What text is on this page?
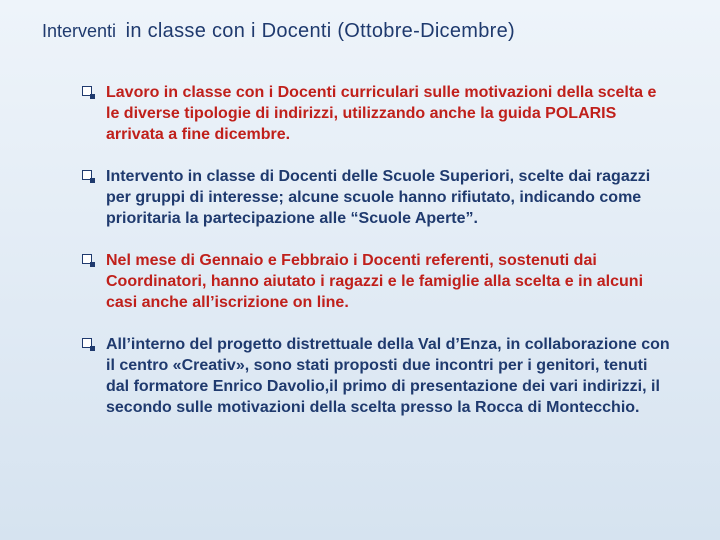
Interventi in classe con i Docenti (Ottobre-Dicembre)
Lavoro in classe con i Docenti curriculari sulle motivazioni della scelta e le diverse tipologie di indirizzi, utilizzando anche la guida POLARIS arrivata a fine dicembre.
Intervento in classe di Docenti delle Scuole Superiori, scelte dai ragazzi per gruppi di interesse; alcune scuole hanno rifiutato, indicando come prioritaria la partecipazione alle “Scuole Aperte”.
Nel mese di Gennaio e Febbraio i Docenti referenti, sostenuti dai Coordinatori, hanno aiutato i ragazzi e le famiglie alla scelta e in alcuni casi anche all’iscrizione on line.
All’interno del progetto distrettuale della Val d’Enza, in collaborazione con il centro «Creativ», sono stati proposti due incontri per i genitori, tenuti dal formatore Enrico Davolio,il primo di presentazione dei vari indirizzi, il secondo sulle motivazioni della scelta presso la Rocca di Montecchio.
